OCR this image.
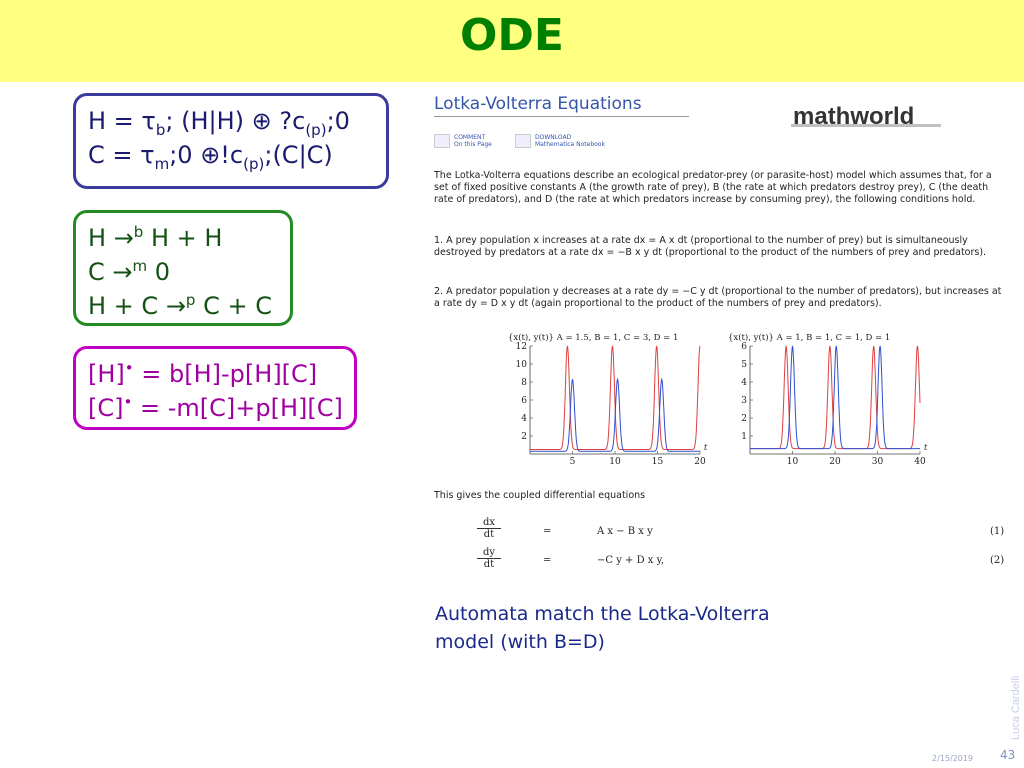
ODE
$H = \tau_b$; (H|H) ⊕ $?c_{(p)};0$
$C = \tau_m;0$ $\oplus!c_{(p)};(C|C)$
H →$^b$ H + H
C →$^m$ 0
H + C →$^p$ C + C
[H]• = b[H]-p[H][C]
[C]• = -m[C]+p[H][C]
Lotka-Volterra Equations	mathworld
COMMENT
On this Page
DOWNLOAD
Mathematica Notebook

The Lotka-Volterra equations describe an ecological predator-prey (or parasite-host) model which assumes that, for a set of fixed positive constants A (the growth rate of prey), B (the rate at which predators destroy prey), C (the death rate of predators), and D (the rate at which predators increase by consuming prey), the following conditions hold.

1. A prey population x increases at a rate dx = A x dt (proportional to the number of prey) but is simultaneously destroyed by predators at a rate dx = −B x y dt (proportional to the product of the numbers of prey and predators).

2. A predator population y decreases at a rate dy = −C y dt (proportional to the number of predators), but increases at a rate dy = D x y dt (again proportional to the product of the numbers of prey and predators).

This gives the coupled differential equations

{x(t), y(t)} A = 1.5, B = 1, C = 3, D = 1
5	10	15	20
2
4
6
8
10
12
t
{x(t), y(t)} A = 1, B = 1, C = 1, D = 1
10	20	30	40
1
2
3
4
5
6
t
$\frac{dx}{dt}$	=	A x − B x y	(1)
$\frac{dy}{dt}$	=	−C y + D x y,	(2)
Automata match the Lotka-Volterra model (with B=D)
Luca Cardelli
2/15/2019 43
